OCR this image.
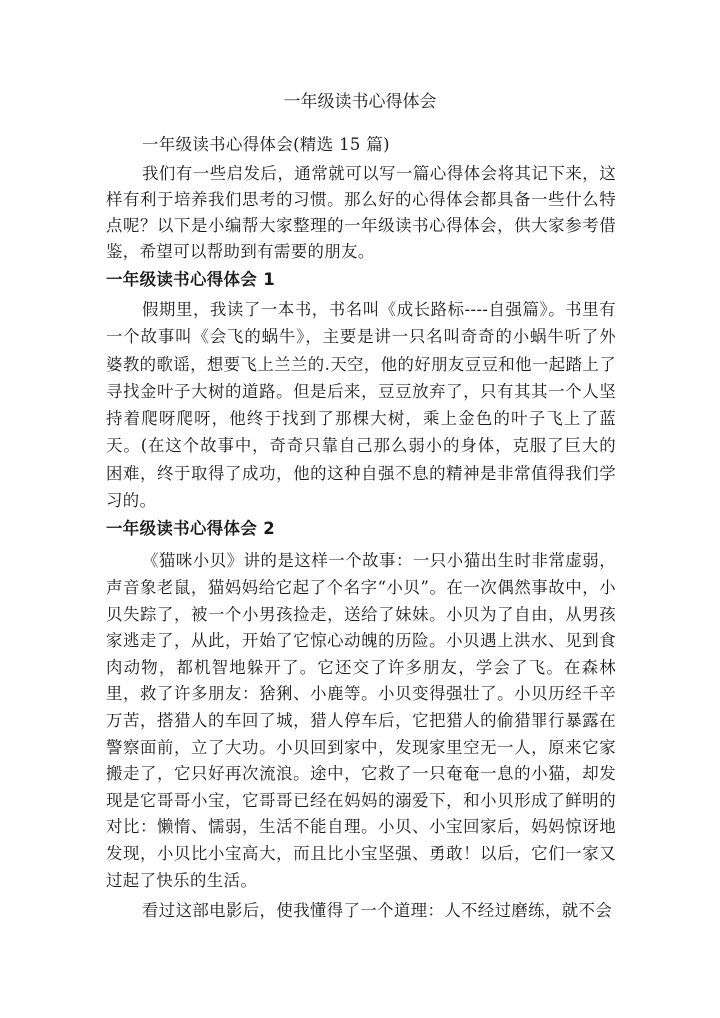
一年级读书心得体会

一年级读书心得体会(精选 15 篇)

我们有一些启发后，通常就可以写一篇心得体会将其记下来，这样有利于培养我们思考的习惯。那么好的心得体会都具备一些什么特点呢？以下是小编帮大家整理的一年级读书心得体会，供大家参考借鉴，希望可以帮助到有需要的朋友。

一年级读书心得体会 1

假期里，我读了一本书，书名叫《成长路标----自强篇》。书里有一个故事叫《会飞的蜗牛》，主要是讲一只名叫奇奇的小蜗牛听了外婆教的歌谣，想要飞上兰兰的.天空，他的好朋友豆豆和他一起踏上了寻找金叶子大树的道路。但是后来，豆豆放弃了，只有其其一个人坚持着爬呀爬呀，他终于找到了那棵大树，乘上金色的叶子飞上了蓝天。(在这个故事中，奇奇只靠自己那么弱小的身体，克服了巨大的困难，终于取得了成功，他的这种自强不息的精神是非常值得我们学习的。

一年级读书心得体会 2

《猫咪小贝》讲的是这样一个故事：一只小猫出生时非常虚弱，声音象老鼠，猫妈妈给它起了个名字“小贝”。在一次偶然事故中，小贝失踪了，被一个小男孩捡走，送给了妹妹。小贝为了自由，从男孩家逃走了，从此，开始了它惊心动魄的历险。小贝遇上洪水、见到食肉动物，都机智地躲开了。它还交了许多朋友，学会了飞。在森林里，救了许多朋友：猞猁、小鹿等。小贝变得强壮了。小贝历经千辛万苦，搭猎人的车回了城，猎人停车后，它把猎人的偷猎罪行暴露在警察面前，立了大功。小贝回到家中，发现家里空无一人，原来它家搬走了，它只好再次流浪。途中，它救了一只奄奄一息的小猫，却发现是它哥哥小宝，它哥哥已经在妈妈的溺爱下，和小贝形成了鲜明的对比：懒惰、懦弱，生活不能自理。小贝、小宝回家后，妈妈惊讶地发现，小贝比小宝高大，而且比小宝坚强、勇敢！以后，它们一家又过起了快乐的生活。

看过这部电影后，使我懂得了一个道理：人不经过磨练，就不会
